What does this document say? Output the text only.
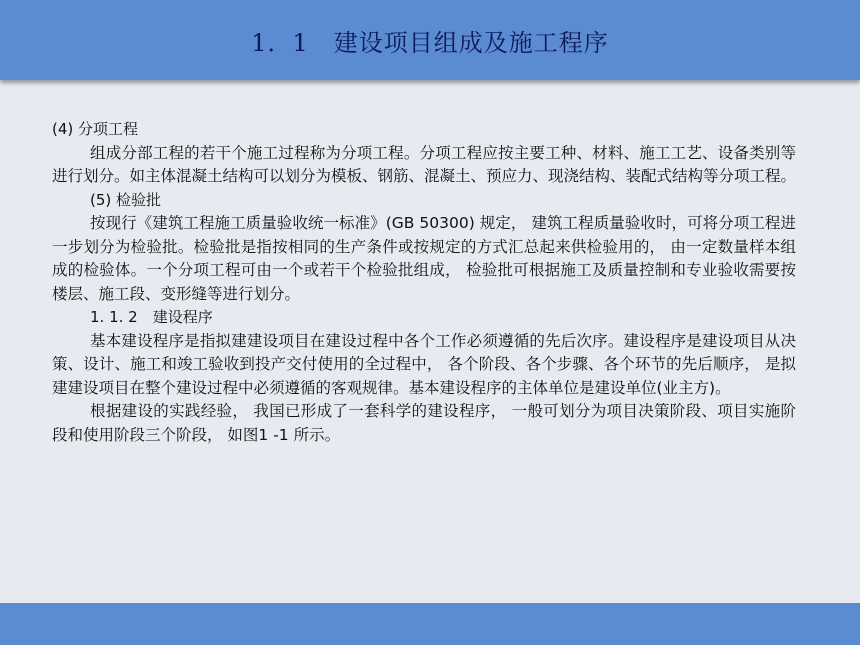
1．1　建设项目组成及施工程序

(4) 分项工程

组成分部工程的若干个施工过程称为分项工程。分项工程应按主要工种、材料、施工工艺、设备类别等进行划分。如主体混凝土结构可以划分为模板、钢筋、混凝土、预应力、现浇结构、装配式结构等分项工程。

(5) 检验批

按现行《建筑工程施工质量验收统一标准》(GB 50300) 规定， 建筑工程质量验收时，可将分项工程进一步划分为检验批。检验批是指按相同的生产条件或按规定的方式汇总起来供检验用的， 由一定数量样本组成的检验体。一个分项工程可由一个或若干个检验批组成， 检验批可根据施工及质量控制和专业验收需要按楼层、施工段、变形缝等进行划分。

1. 1. 2　建设程序

基本建设程序是指拟建建设项目在建设过程中各个工作必须遵循的先后次序。建设程序是建设项目从决策、设计、施工和竣工验收到投产交付使用的全过程中， 各个阶段、各个步骤、各个环节的先后顺序， 是拟建建设项目在整个建设过程中必须遵循的客观规律。基本建设程序的主体单位是建设单位(业主方)。

根据建设的实践经验， 我国已形成了一套科学的建设程序， 一般可划分为项目决策阶段、项目实施阶段和使用阶段三个阶段， 如图1 -1 所示。
